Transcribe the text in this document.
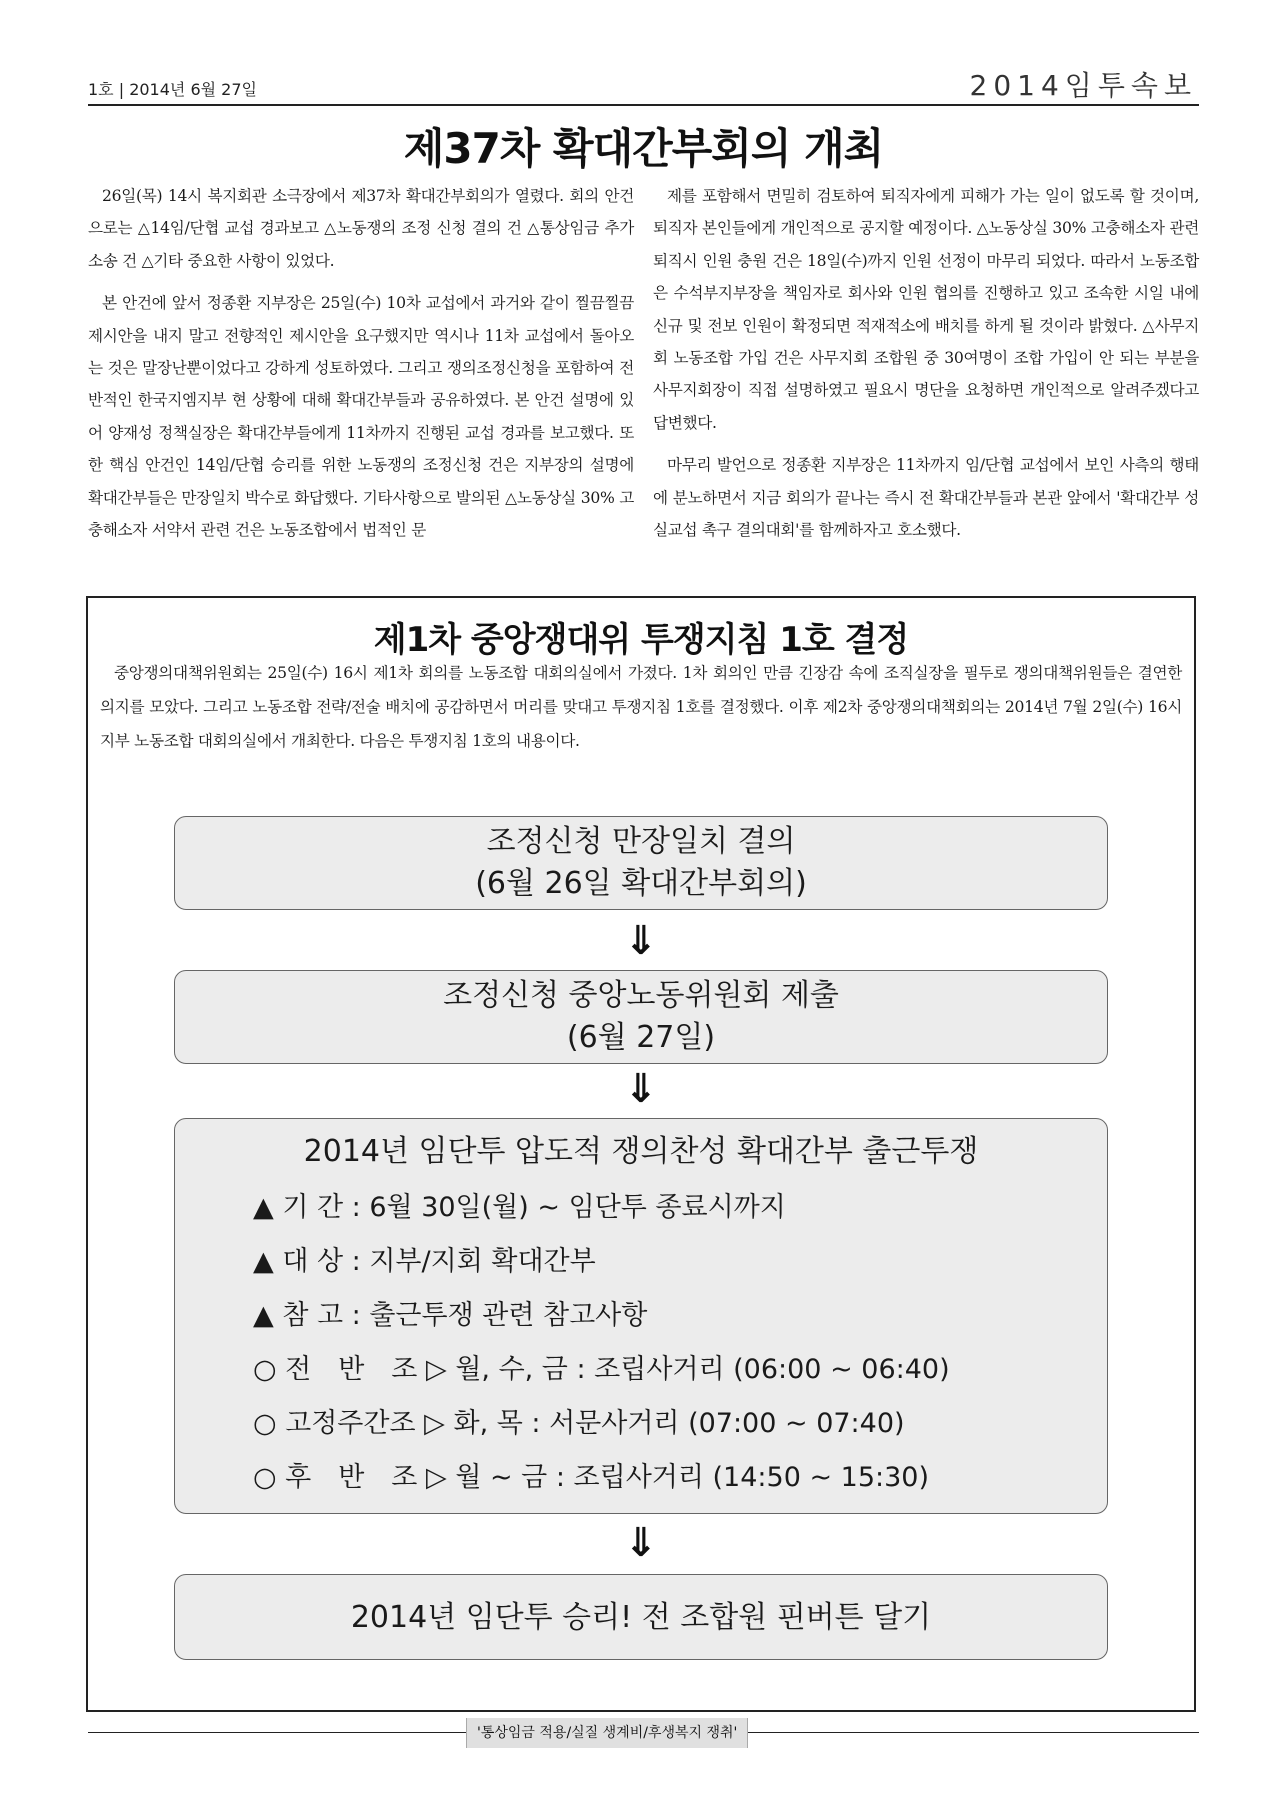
1호 | 2014년 6월 27일	2014임투속보
제37차 확대간부회의 개최

26일(목) 14시 복지회관 소극장에서 제37차 확대간부회의가 열렸다. 회의 안건으로는 △14임/단협 교섭 경과보고 △노동쟁의 조정 신청 결의 건 △통상임금 추가 소송 건 △기타 중요한 사항이 있었다.

본 안건에 앞서 정종환 지부장은 25일(수) 10차 교섭에서 과거와 같이 찔끔찔끔 제시안을 내지 말고 전향적인 제시안을 요구했지만 역시나 11차 교섭에서 돌아오는 것은 말장난뿐이었다고 강하게 성토하였다. 그리고 쟁의조정신청을 포함하여 전반적인 한국지엠지부 현 상황에 대해 확대간부들과 공유하였다. 본 안건 설명에 있어 양재성 정책실장은 확대간부들에게 11차까지 진행된 교섭 경과를 보고했다. 또한 핵심 안건인 14임/단협 승리를 위한 노동쟁의 조정신청 건은 지부장의 설명에 확대간부들은 만장일치 박수로 화답했다. 기타사항으로 발의된 △노동상실 30% 고충해소자 서약서 관련 건은 노동조합에서 법적인 문

제를 포함해서 면밀히 검토하여 퇴직자에게 피해가 가는 일이 없도록 할 것이며, 퇴직자 본인들에게 개인적으로 공지할 예정이다. △노동상실 30% 고충해소자 관련 퇴직시 인원 충원 건은 18일(수)까지 인원 선정이 마무리 되었다. 따라서 노동조합은 수석부지부장을 책임자로 회사와 인원 협의를 진행하고 있고 조속한 시일 내에 신규 및 전보 인원이 확정되면 적재적소에 배치를 하게 될 것이라 밝혔다. △사무지회 노동조합 가입 건은 사무지회 조합원 중 30여명이 조합 가입이 안 되는 부분을 사무지회장이 직접 설명하였고 필요시 명단을 요청하면 개인적으로 알려주겠다고 답변했다.

마무리 발언으로 정종환 지부장은 11차까지 임/단협 교섭에서 보인 사측의 행태에 분노하면서 지금 회의가 끝나는 즉시 전 확대간부들과 본관 앞에서 '확대간부 성실교섭 촉구 결의대회'를 함께하자고 호소했다.

제1차 중앙쟁대위 투쟁지침 1호 결정

중앙쟁의대책위원회는 25일(수) 16시 제1차 회의를 노동조합 대회의실에서 가졌다. 1차 회의인 만큼 긴장감 속에 조직실장을 필두로 쟁의대책위원들은 결연한 의지를 모았다. 그리고 노동조합 전략/전술 배치에 공감하면서 머리를 맞대고 투쟁지침 1호를 결정했다. 이후 제2차 중앙쟁의대책회의는 2014년 7월 2일(수) 16시 지부 노동조합 대회의실에서 개최한다. 다음은 투쟁지침 1호의 내용이다.

조정신청 만장일치 결의
(6월 26일 확대간부회의)
⇓
조정신청 중앙노동위원회 제출
(6월 27일)
⇓
2014년 임단투 압도적 쟁의찬성 확대간부 출근투쟁
▲ 기 간 : 6월 30일(월) ~ 임단투 종료시까지
▲ 대 상 : 지부/지회 확대간부
▲ 참 고 : 출근투쟁 관련 참고사항
○ 전　반　조 ▷ 월, 수, 금 : 조립사거리 (06:00 ~ 06:40)
○ 고정주간조 ▷ 화, 목 : 서문사거리 (07:00 ~ 07:40)
○ 후　반　조 ▷ 월 ~ 금 : 조립사거리 (14:50 ~ 15:30)
⇓
2014년 임단투 승리! 전 조합원 핀버튼 달기
'통상임금 적용/실질 생계비/후생복지 쟁취'
